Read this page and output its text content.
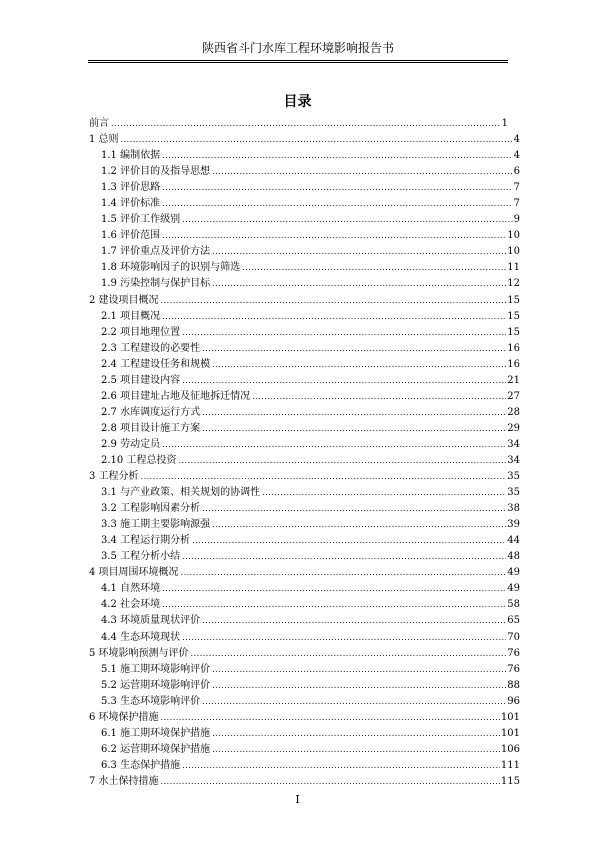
陕西省斗门水库工程环境影响报告书
目录
前言 .....	1
1 总则 .....	4
1.1 编制依据 .....	4
1.2 评价目的及指导思想 .....	6
1.3 评价思路 .....	7
1.4 评价标准 .....	7
1.5 评价工作级别 .....	9
1.6 评价范围 .....	10
1.7 评价重点及评价方法 .....	10
1.8 环境影响因子的识别与筛选 .....	11
1.9 污染控制与保护目标 .....	12
2 建设项目概况 .....	15
2.1 项目概况 .....	15
2.2 项目地理位置 .....	15
2.3 工程建设的必要性 .....	16
2.4 工程建设任务和规模 .....	16
2.5 项目建设内容 .....	21
2.6 项目建址占地及征地拆迁情况 .....	27
2.7 水库调度运行方式 .....	28
2.8 项目设计施工方案 .....	29
2.9 劳动定员 .....	34
2.10 工程总投资 .....	34
3 工程分析 .....	35
3.1 与产业政策、相关规划的协调性 .....	35
3.2 工程影响因素分析 .....	38
3.3 施工期主要影响源强 .....	39
3.4 工程运行期分析 .....	44
3.5 工程分析小结 .....	48
4 项目周围环境概况 .....	49
4.1 自然环境 .....	49
4.2 社会环境 .....	58
4.3 环境质量现状评价 .....	65
4.4 生态环境现状 .....	70
5 环境影响预测与评价 .....	76
5.1 施工期环境影响评价 .....	76
5.2 运营期环境影响评价 .....	88
5.3 生态环境影响评价 .....	96
6 环境保护措施 .....	101
6.1 施工期环境保护措施 .....	101
6.2 运营期环境保护措施 .....	106
6.3 生态保护措施 .....	111
7 水土保持措施 .....	115
I
